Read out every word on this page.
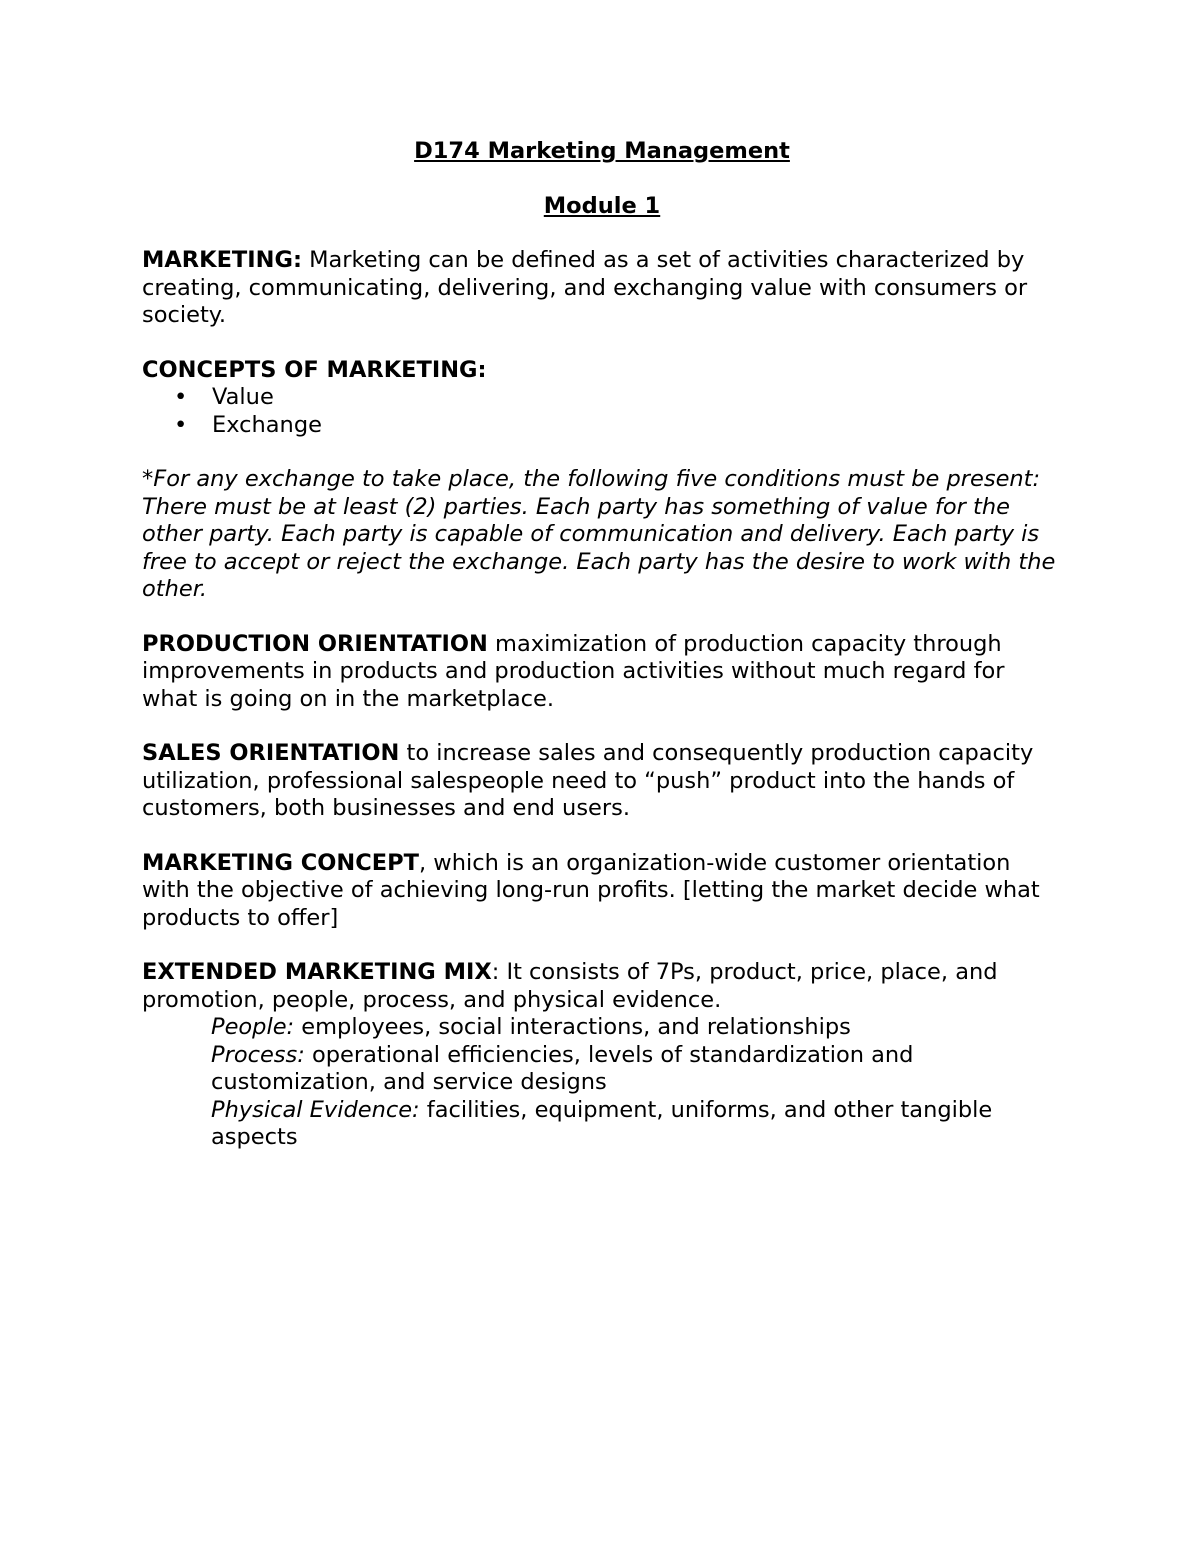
D174 Marketing Management

Module 1

MARKETING: Marketing can be defined as a set of activities characterized by creating, communicating, delivering, and exchanging value with consumers or society.

CONCEPTS OF MARKETING:

• Value
• Exchange

*For any exchange to take place, the following five conditions must be present: There must be at least (2) parties. Each party has something of value for the other party. Each party is capable of communication and delivery. Each party is free to accept or reject the exchange. Each party has the desire to work with the other.

PRODUCTION ORIENTATION maximization of production capacity through improvements in products and production activities without much regard for what is going on in the marketplace.

SALES ORIENTATION to increase sales and consequently production capacity utilization, professional salespeople need to “push” product into the hands of customers, both businesses and end users.

MARKETING CONCEPT, which is an organization-wide customer orientation with the objective of achieving long-run profits. [letting the market decide what products to offer]

EXTENDED MARKETING MIX: It consists of 7Ps, product, price, place, and promotion, people, process, and physical evidence.

People: employees, social interactions, and relationships
Process: operational efficiencies, levels of standardization and customization, and service designs
Physical Evidence: facilities, equipment, uniforms, and other tangible aspects
